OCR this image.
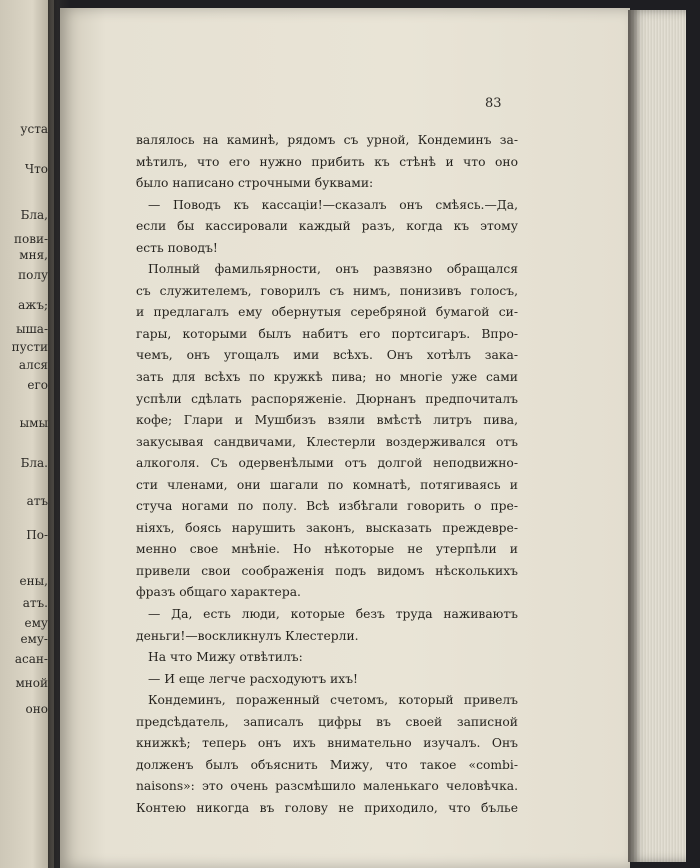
уста
Что
Бла,
пови-
мня,
полу
ажъ;
ыша-
пусти
ался
его
ымы
Бла.
атъ
По-
ены,
атъ.
ему
ему-
асан-
мной
оно
83
валялось на каминѣ, рядомъ съ урной, Кондеминъ за-
мѣтилъ, что его нужно прибить къ стѣнѣ и что оно
было написано строчными буквами:
— Поводъ къ кассаціи!—сказалъ онъ смѣясь.—Да,
если бы кассировали каждый разъ, когда къ этому
есть поводъ!
Полный фамильярности, онъ развязно обращался
съ служителемъ, говорилъ съ нимъ, понизивъ голосъ,
и предлагалъ ему обернутыя серебряной бумагой си-
гары, которыми былъ набитъ его портсигаръ. Впро-
чемъ, онъ угощалъ ими всѣхъ. Онъ хотѣлъ зака-
зать для всѣхъ по кружкѣ пива; но многіе уже сами
успѣли сдѣлать распоряженіе. Дюрнанъ предпочиталъ
кофе; Глари и Мушбизъ взяли вмѣстѣ литръ пива,
закусывая сандвичами, Клестерли воздерживался отъ
алкоголя. Съ одервенѣлыми отъ долгой неподвижно-
сти членами, они шагали по комнатѣ, потягиваясь и
стуча ногами по полу. Всѣ избѣгали говорить о пре-
ніяхъ, боясь нарушить законъ, высказать преждевре-
менно свое мнѣніе. Но нѣкоторые не утерпѣли и
привели свои соображенія подъ видомъ нѣсколькихъ
фразъ общаго характера.
— Да, есть люди, которые безъ труда наживаютъ
деньги!—воскликнулъ Клестерли.
На что Мижу отвѣтилъ:
— И еще легче расходуютъ ихъ!
Кондеминъ, пораженный счетомъ, который привелъ
предсѣдатель, записалъ цифры въ своей записной
книжкѣ; теперь онъ ихъ внимательно изучалъ. Онъ
долженъ былъ объяснить Мижу, что такое «combi-
naisons»: это очень разсмѣшило маленькаго человѣчка.
Контею никогда въ голову не приходило, что бълье
